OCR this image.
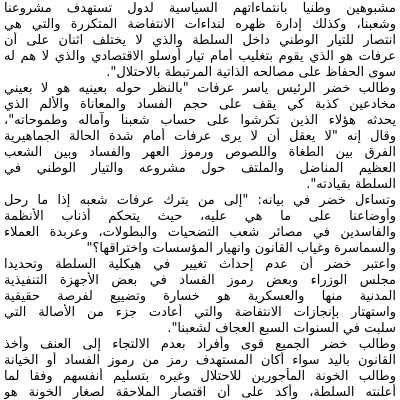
مشبوهين وطنيا بانتماءاتهم السياسية لدول تستهدف مشروعنا
وشعبنا، وكذلك إدارة ظهره لنداءات الانتفاضة المتكررة والتي هي
انتصار للتيار الوطني داخل السلطة والذي لا يختلف اثنان على أن
عرفات هو الذي يقوم بتغليب أمام تيار أوسلو الاقتصادي والذي لا هم له
سوى الحفاظ على مصالحه الذاتية المرتبطة بالاحتلال".
وطالب خضر الرئيس ياسر عرفات "بالنظر حوله بعينيه هو لا بعيني
مخادعين كذبة كي يقف على حجم الفساد والمعاناة والألم الذي
يحدثه هؤلاء الذين تكرشوا على حساب شعبنا وآماله وطموحاته"،
وقال إنه "لا يعقل أن لا يرى عرفات أمام شدة الحالة الجماهيرية
الفرق بين الطغاة واللصوص ورموز العهر والفساد وبين الشعب
العظيم المناضل والملتف حول مشروعه والتيار الوطني في
السلطة بقيادته".
وتساءل خضر في بيانه: "إلى من يترك عرفات شعبه إذا ما رحل
وأوضاعنا على ما هي عليه، حيث يتحكم أذناب الأنظمة
والفاسدين في مصائر شعب التضحيات والبطولات، وعربدة العملاء
والسماسرة وغياب القانون وانهيار المؤسسات واختراقها؟"
واعتبر خضر أن عدم إحداث تغيير في هيكلية السلطة وتحديدا
مجلس الوزراء وبعض رموز الفساد في بعض الأجهزة التنفيذية
المدنية منها والعسكرية هو خسارة وتضييع لفرصة حقيقية
واستهتار بإنجازات الانتفاضة والتي أعادت جزء من الأصالة التي
سلبت في السنوات السبع العجاف لشعبنا".
وطالب خضر الجميع قوى وأفراد بعدم الالتجاء إلى العنف وأخذ
القانون باليد سواء أكان المستهدف رمز من رموز الفساد أو الخيانة
وطالب الخونة المأجورين للاحتلال وغيره بتسليم أنفسهم وفقا لما
أعلنته السلطة، وأكد على أن اقتصار الملاحقة لصغار الخونة هو
